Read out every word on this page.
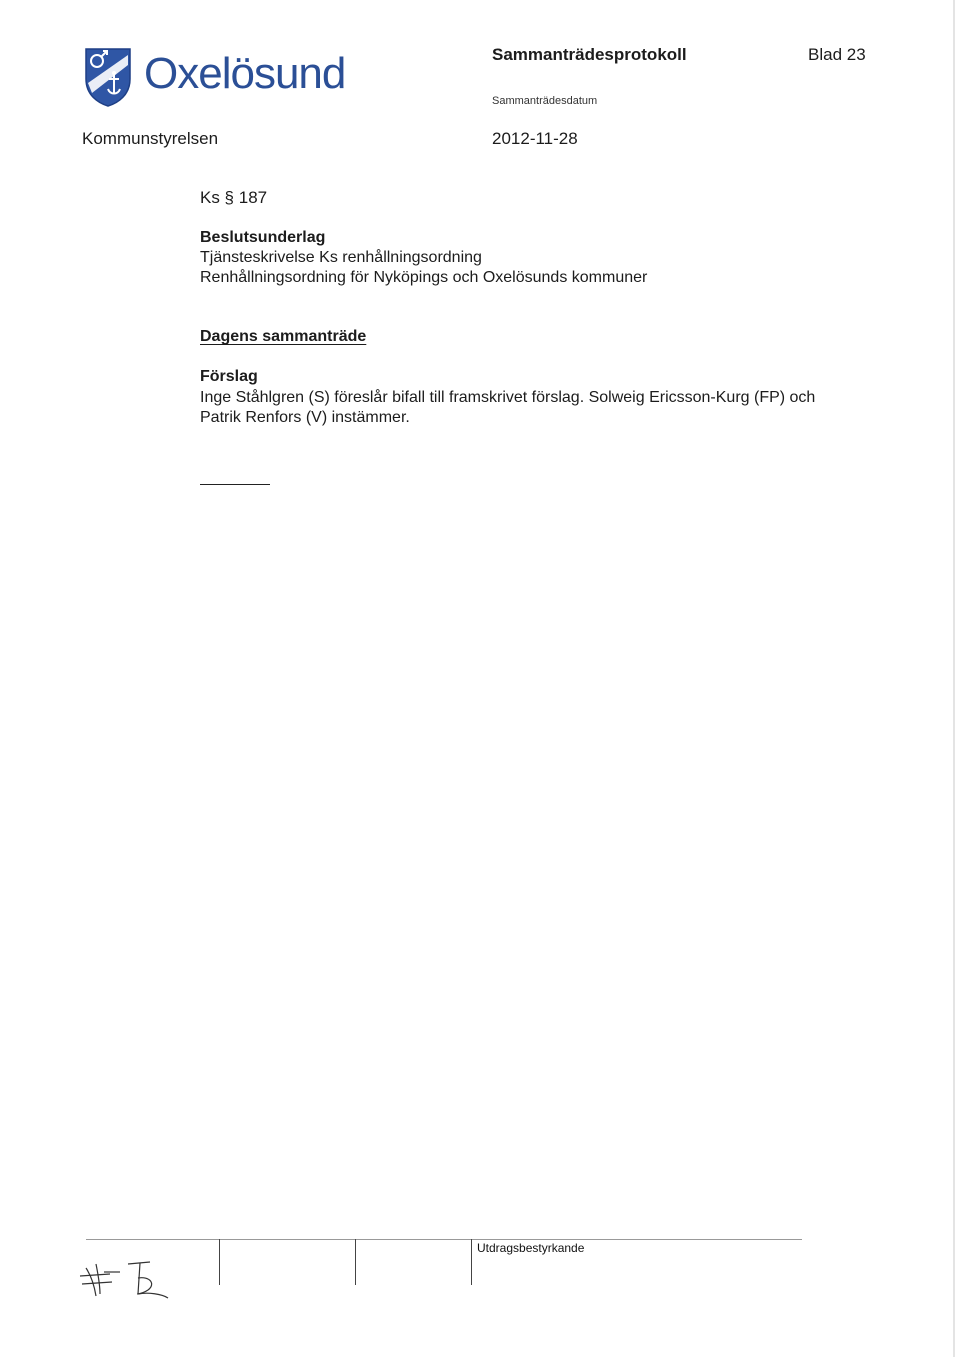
Oxelösund
Kommunstyrelsen
Sammanträdesprotokoll	Blad 23
Sammanträdesdatum
2012-11-28
Ks § 187
Beslutsunderlag
Tjänsteskrivelse Ks renhållningsordning
Renhållningsordning för Nyköpings och Oxelösunds kommuner
Dagens sammanträde
Förslag
Inge Ståhlgren (S) föreslår bifall till framskrivet förslag. Solweig Ericsson-Kurg (FP) och Patrik Renfors (V) instämmer.
Utdragsbestyrkande
